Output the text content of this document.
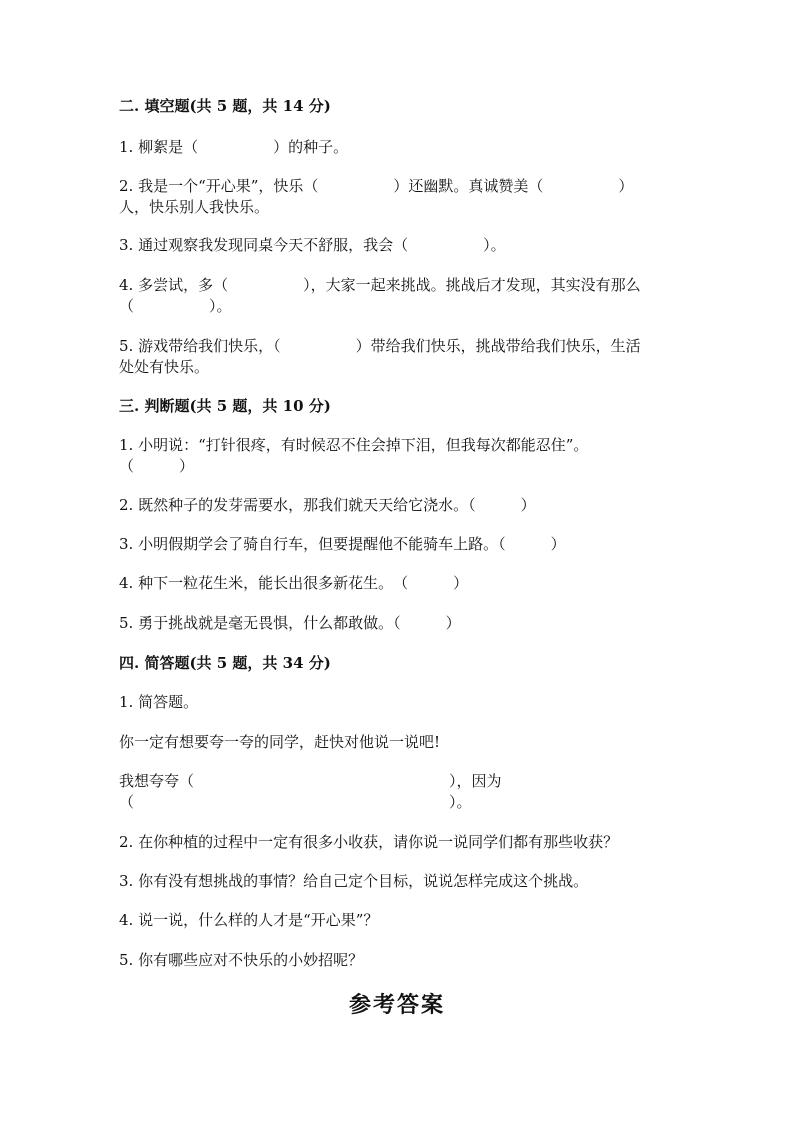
二. 填空题(共 5 题，共 14 分)

1. 柳絮是（　　　　　）的种子。

2. 我是一个“开心果”，快乐（　　　　　）还幽默。真诚赞美（　　　　　）

人，快乐别人我快乐。

3. 通过观察我发现同桌今天不舒服，我会（　　　　　）。

4. 多尝试，多（　　　　　），大家一起来挑战。挑战后才发现，其实没有那么

（　　　　　）。

5. 游戏带给我们快乐，（　　　　　）带给我们快乐，挑战带给我们快乐，生活

处处有快乐。

三. 判断题(共 5 题，共 10 分)

1. 小明说：“打针很疼，有时候忍不住会掉下泪，但我每次都能忍住”。

（　　　）

2. 既然种子的发芽需要水，那我们就天天给它浇水。（　　　）

3. 小明假期学会了骑自行车，但要提醒他不能骑车上路。（　　　）

4. 种下一粒花生米，能长出很多新花生。　（　　　）

5. 勇于挑战就是毫无畏惧，什么都敢做。（　　　）

四. 简答题(共 5 题，共 34 分)

1. 简答题。

你一定有想要夸一夸的同学，赶快对他说一说吧!

我想夸夸（　　　　　　　　　　　　　　　　　），因为

（　　　　　　　　　　　　　　　　　　　　　）。

2. 在你种植的过程中一定有很多小收获，请你说一说同学们都有那些收获？

3. 你有没有想挑战的事情？给自己定个目标，说说怎样完成这个挑战。

4. 说一说，什么样的人才是“开心果”？

5. 你有哪些应对不快乐的小妙招呢？

参考答案
